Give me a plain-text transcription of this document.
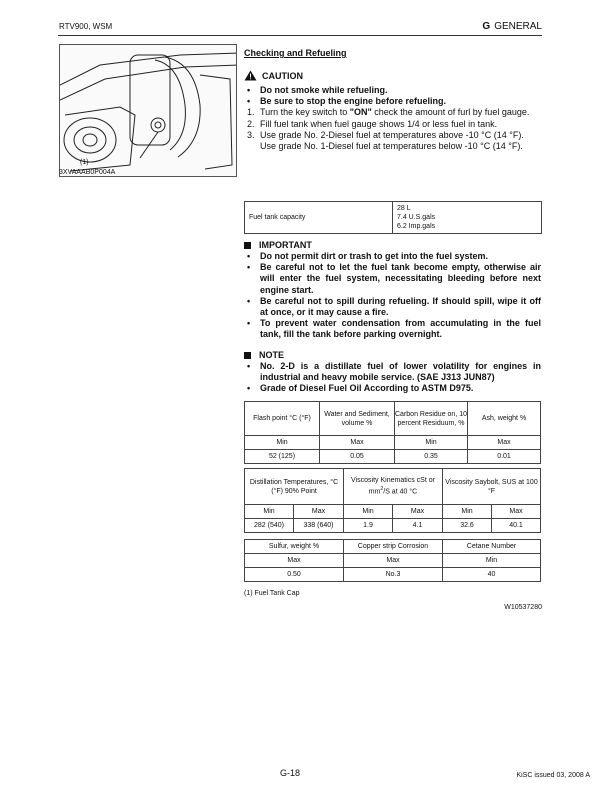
RTV900, WSM	G GENERAL
(1)
3XVAAAB0P004A
Checking and Refueling
CAUTION
•	Do not smoke while refueling.
•	Be sure to stop the engine before refueling.
1. Turn the key switch to "ON" check the amount of furl by fuel gauge.
2. Fill fuel tank when fuel gauge shows 1/4 or less fuel in tank.
3. Use grade No. 2-Diesel fuel at temperatures above -10 °C (14 °F).
Use grade No. 1-Diesel fuel at temperatures below -10 °C (14 °F).
Fuel tank capacity	
28 L
7.4 U.S.gals
6.2 Imp.gals
IMPORTANT
•	Do not permit dirt or trash to get into the fuel system.
•	Be careful not to let the fuel tank become empty, otherwise air will enter the fuel system, necessitating bleeding before next engine start.
•	Be careful not to spill during refueling. If should spill, wipe it off at once, or it may cause a fire.
•	To prevent water condensation from accumulating in the fuel tank, fill the tank before parking overnight.
NOTE
•	No. 2-D is a distillate fuel of lower volatility for engines in industrial and heavy mobile service. (SAE J313 JUN87)
•	Grade of Diesel Fuel Oil According to ASTM D975.
Flash point °C (°F)	Water and Sediment, volume %	Carbon Residue on, 10 percent Residuum, %	Ash, weight %
Min	Max	Min	Max
52 (125)	0.05	0.35	0.01
Distillation Temperatures, °C (°F) 90% Point		Viscosity Kinematics cSt or $mm^2/S$ at 40 °C		Viscosity Saybolt, SUS at 100 °F	
Min	Max	Min	Max	Min	Max
282 (540)	338 (640)	1.9	4.1	32.6	40.1
Sulfur, weight %	Copper strip Corrosion	Cetane Number
Max	Max	Min
0.50	No.3	40
(1) Fuel Tank Cap
W10537280
G-18	KiSC issued 03, 2008 A
